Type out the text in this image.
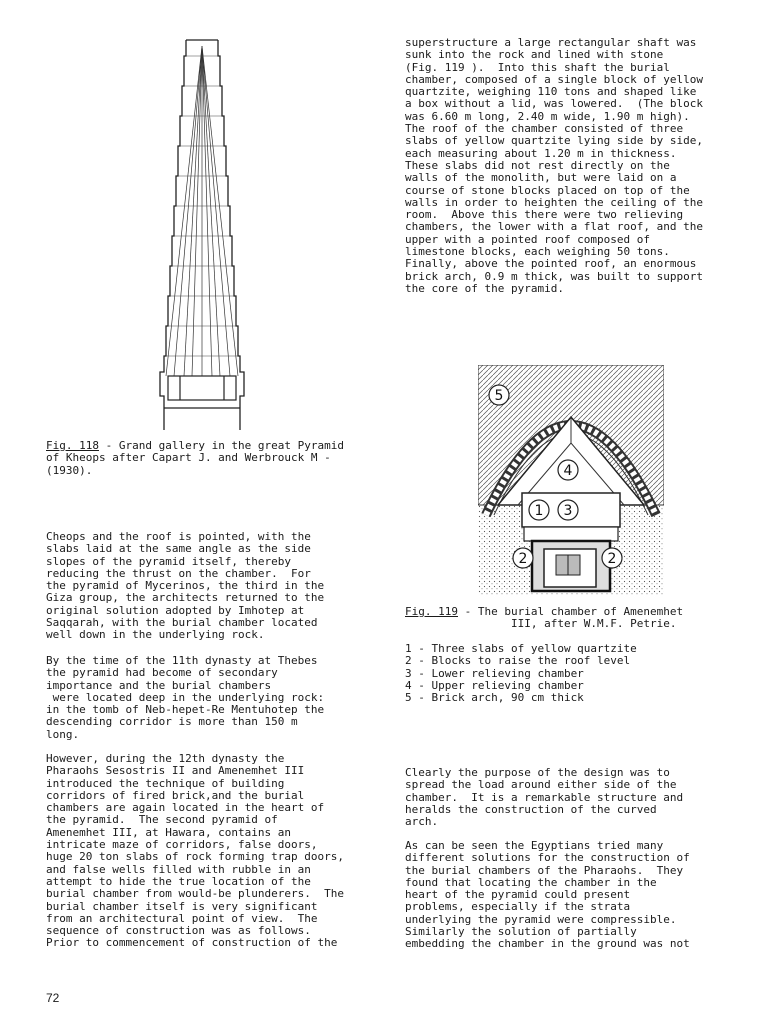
superstructure a large rectangular shaft was
sunk into the rock and lined with stone
(Fig. 119 ).  Into this shaft the burial
chamber, composed of a single block of yellow
quartzite, weighing 110 tons and shaped like
a box without a lid, was lowered.  (The block
was 6.60 m long, 2.40 m wide, 1.90 m high).
The roof of the chamber consisted of three
slabs of yellow quartzite lying side by side,
each measuring about 1.20 m in thickness.
These slabs did not rest directly on the
walls of the monolith, but were laid on a
course of stone blocks placed on top of the
walls in order to heighten the ceiling of the
room.  Above this there were two relieving
chambers, the lower with a flat roof, and the
upper with a pointed roof composed of
limestone blocks, each weighing 50 tons.
Finally, above the pointed roof, an enormous
brick arch, 0.9 m thick, was built to support
the core of the pyramid.
Fig. 118 - Grand gallery in the great Pyramid
of Kheops after Capart J. and Werbrouck M -
(1930).
Cheops and the roof is pointed, with the
slabs laid at the same angle as the side
slopes of the pyramid itself, thereby
reducing the thrust on the chamber.  For
the pyramid of Mycerinos, the third in the
Giza group, the architects returned to the
original solution adopted by Imhotep at
Saqqarah, with the burial chamber located
well down in the underlying rock.
By the time of the 11th dynasty at Thebes
the pyramid had become of secondary
importance and the burial chambers
were located deep in the underlying rock:
in the tomb of Neb-hepet-Re Mentuhotep the
descending corridor is more than 150 m
long.
However, during the 12th dynasty the
Pharaohs Sesostris II and Amenemhet III
introduced the technique of building
corridors of fired brick,and the burial
chambers are again located in the heart of
the pyramid.  The second pyramid of
Amenemhet III, at Hawara, contains an
intricate maze of corridors, false doors,
huge 20 ton slabs of rock forming trap doors,
and false wells filled with rubble in an
attempt to hide the true location of the
burial chamber from would-be plunderers.  The
burial chamber itself is very significant
from an architectural point of view.  The
sequence of construction was as follows.
Prior to commencement of construction of the
5
4
1 3
2	2
Fig. 119 - The burial chamber of Amenemhet
III, after W.M.F. Petrie.
1 - Three slabs of yellow quartzite
2 - Blocks to raise the roof level
3 - Lower relieving chamber
4 - Upper relieving chamber
5 - Brick arch, 90 cm thick
Clearly the purpose of the design was to
spread the load around either side of the
chamber.  It is a remarkable structure and
heralds the construction of the curved
arch.
As can be seen the Egyptians tried many
different solutions for the construction of
the burial chambers of the Pharaohs.  They
found that locating the chamber in the
heart of the pyramid could present
problems, especially if the strata
underlying the pyramid were compressible.
Similarly the solution of partially
embedding the chamber in the ground was not
72
